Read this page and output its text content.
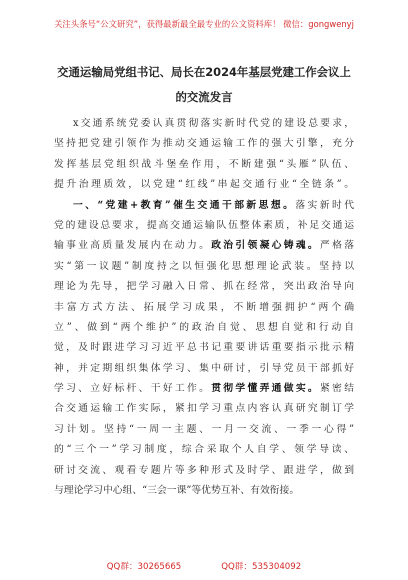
关注头条号“公文研究”，获得最新最全最专业的公文资料库！ 微信：gongwenyj
交通运输局党组书记、局长在2024年基层党建工作会议上
的交流发言
x交通系统党委认真贯彻落实新时代党的建设总要求，
坚持把党建引领作为推动交通运输工作的强大引擎，充分
发挥基层党组织战斗堡垒作用，不断建强“头雁”队伍、
提升治理质效，以党建“红线”串起交通行业“全链条”。
一、“党建+教育”催生交通干部新思想。落实新时代
党的建设总要求，提高交通运输队伍整体素质，补足交通运
输事业高质量发展内在动力。政治引领凝心铸魂。严格落
实“第一议题”制度持之以恒强化思想理论武装。坚持以
理论为先导，把学习融入日常、抓在经常，突出政治导向
丰富方式方法、拓展学习成果，不断增强拥护“两个确
立”、做到“两个维护”的政治自觉、思想自觉和行动自
觉，及时跟进学习习近平总书记重要讲话重要指示批示精
神，并定期组织集体学习、集中研讨，引导党员干部抓好
学习、立好标杆、干好工作。贯彻学懂弄通做实。紧密结
合交通运输工作实际，紧扣学习重点内容认真研究制订学
习计划。坚持“一周一主题、一月一交流、一季一心得”
的“三个一”学习制度，综合采取个人自学、领学导读、
研讨交流、观看专题片等多种形式及时学、跟进学，做到
与理论学习中心组、“三会一课”等优势互补、有效衔接。
QQ群：30265665	QQ群：535304092
